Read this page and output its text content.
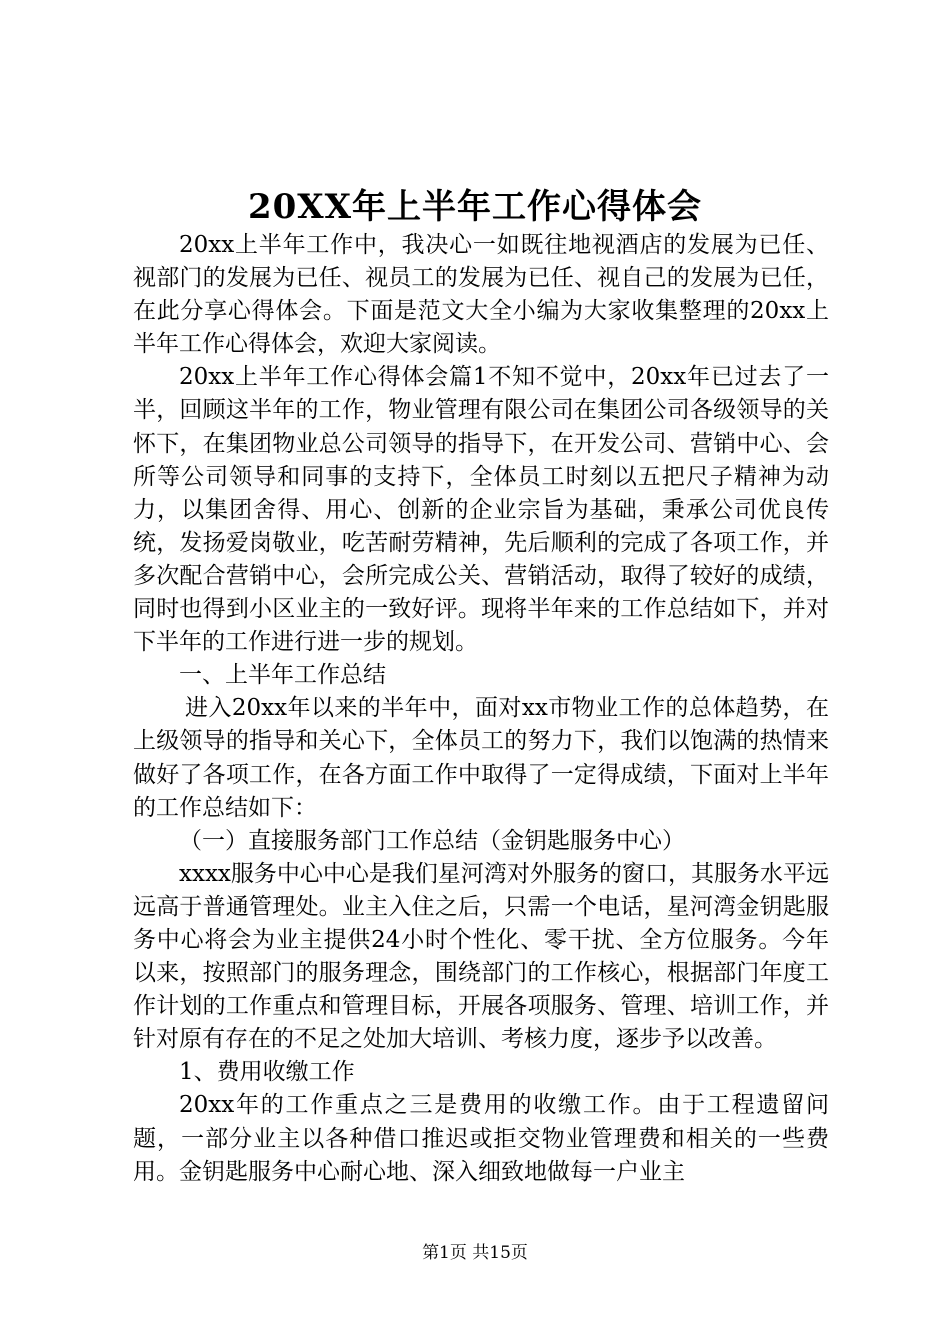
20XX年上半年工作心得体会

20xx上半年工作中，我决心一如既往地视酒店的发展为已任、视部门的发展为已任、视员工的发展为已任、视自己的发展为已任，在此分享心得体会。下面是范文大全小编为大家收集整理的20xx上半年工作心得体会，欢迎大家阅读。

20xx上半年工作心得体会篇1不知不觉中，20xx年已过去了一半，回顾这半年的工作，物业管理有限公司在集团公司各级领导的关怀下，在集团物业总公司领导的指导下，在开发公司、营销中心、会所等公司领导和同事的支持下，全体员工时刻以五把尺子精神为动力，以集团舍得、用心、创新的企业宗旨为基础，秉承公司优良传统，发扬爱岗敬业，吃苦耐劳精神，先后顺利的完成了各项工作，并多次配合营销中心，会所完成公关、营销活动，取得了较好的成绩，同时也得到小区业主的一致好评。现将半年来的工作总结如下，并对下半年的工作进行进一步的规划。

一、上半年工作总结

进入20xx年以来的半年中，面对xx市物业工作的总体趋势，在上级领导的指导和关心下，全体员工的努力下，我们以饱满的热情来做好了各项工作，在各方面工作中取得了一定得成绩，下面对上半年的工作总结如下：

（一）直接服务部门工作总结（金钥匙服务中心）

xxxx服务中心中心是我们星河湾对外服务的窗口，其服务水平远远高于普通管理处。业主入住之后，只需一个电话，星河湾金钥匙服务中心将会为业主提供24小时个性化、零干扰、全方位服务。今年以来，按照部门的服务理念，围绕部门的工作核心，根据部门年度工作计划的工作重点和管理目标，开展各项服务、管理、培训工作，并针对原有存在的不足之处加大培训、考核力度，逐步予以改善。

1、费用收缴工作

20xx年的工作重点之三是费用的收缴工作。由于工程遗留问题，一部分业主以各种借口推迟或拒交物业管理费和相关的一些费用。金钥匙服务中心耐心地、深入细致地做每一户业主

第1页 共15页
